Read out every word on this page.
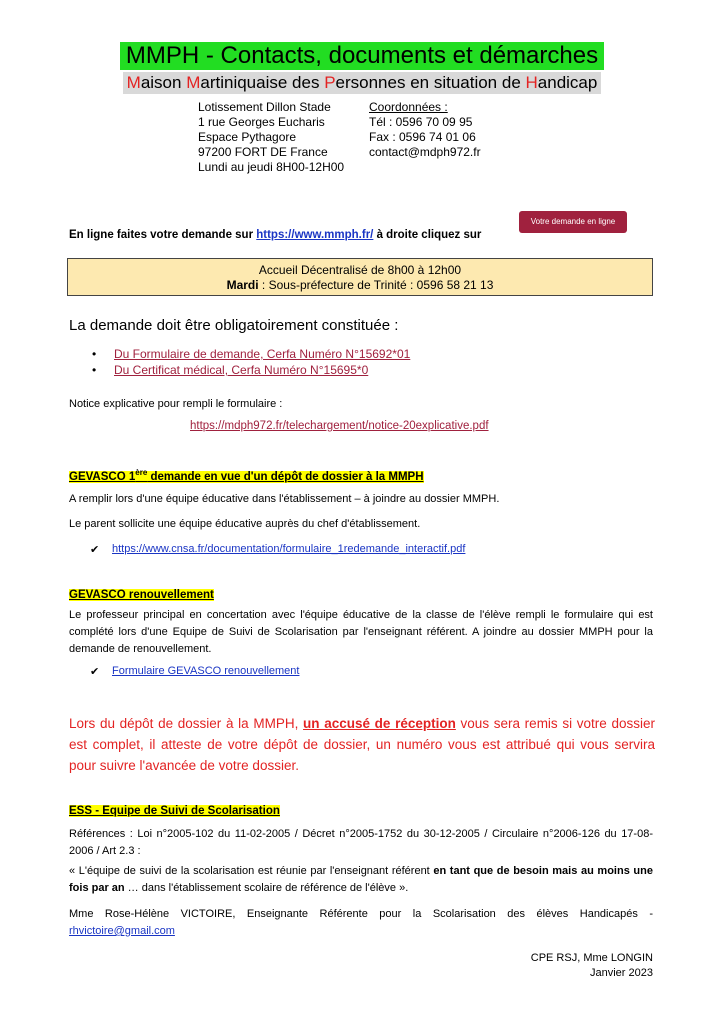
MMPH - Contacts, documents et démarches
Maison Martiniquaise des Personnes en situation de Handicap
Lotissement Dillon Stade
1 rue Georges Eucharis
Espace Pythagore
97200 FORT DE France
Lundi au jeudi 8H00-12H00
Coordonnées :
Tél : 0596 70 09 95
Fax : 0596 74 01 06
contact@mdph972.fr
En ligne faites votre demande sur https://www.mmph.fr/ à droite cliquez sur
Votre demande en ligne
Accueil Décentralisé de 8h00 à 12h00
Mardi : Sous-préfecture de Trinité : 0596 58 21 13
La demande doit être obligatoirement constituée :
• Du Formulaire de demande, Cerfa Numéro N°15692*01
• Du Certificat médical, Cerfa Numéro N°15695*0
Notice explicative pour rempli le formulaire :
https://mdph972.fr/telechargement/notice-20explicative.pdf
GEVASCO 1ère demande en vue d'un dépôt de dossier à la MMPH
A remplir lors d'une équipe éducative dans l'établissement – à joindre au dossier MMPH.
Le parent sollicite une équipe éducative auprès du chef d'établissement.
✔ https://www.cnsa.fr/documentation/formulaire_1redemande_interactif.pdf
GEVASCO renouvellement
Le professeur principal en concertation avec l'équipe éducative de la classe de l'élève rempli le formulaire qui est complété lors d'une Equipe de Suivi de Scolarisation par l'enseignant référent. A joindre au dossier MMPH pour la demande de renouvellement.
✔ Formulaire GEVASCO renouvellement
Lors du dépôt de dossier à la MMPH, un accusé de réception vous sera remis si votre dossier est complet, il atteste de votre dépôt de dossier, un numéro vous est attribué qui vous servira pour suivre l'avancée de votre dossier.
ESS - Equipe de Suivi de Scolarisation
Références : Loi n°2005-102 du 11-02-2005 / Décret n°2005-1752 du 30-12-2005 / Circulaire n°2006-126 du 17-08-2006 / Art 2.3 :
« L'équipe de suivi de la scolarisation est réunie par l'enseignant référent en tant que de besoin mais au moins une fois par an … dans l'établissement scolaire de référence de l'élève ».
Mme Rose-Hélène VICTOIRE, Enseignante Référente pour la Scolarisation des élèves Handicapés - rhvictoire@gmail.com
CPE RSJ, Mme LONGIN
Janvier 2023
